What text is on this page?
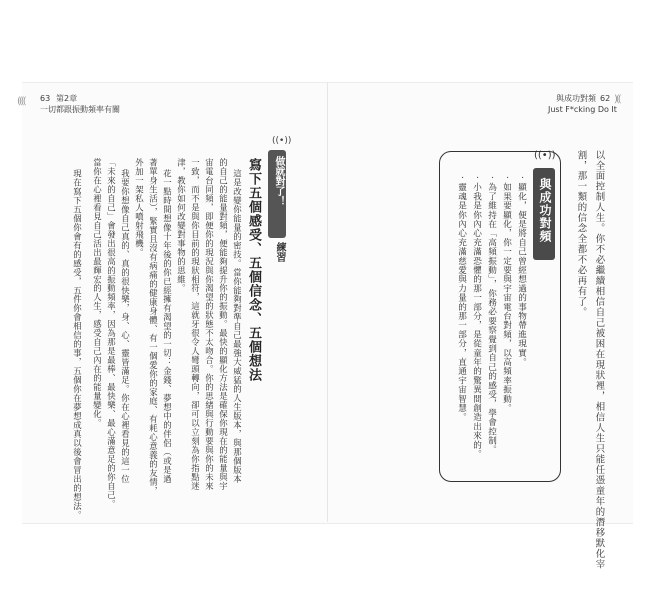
(((( 63 第2章
一切都跟振動頻率有關
這是改變你能量的密技。當你能夠對準自己最強大威猛的人生版本，與那個版本
的自己的能量對頻，便能夠提升你的振動。最快的顯化方法是確保你現在的能量與宇
宙電台同頻，即便你的現況與你渴望的狀態不太吻合。你的思緒與行動要與你的未來
一致，而不是與你目前的現狀相符，這就牙很令人彎頭轉向，卻可以立刻為你指點迷
津，教你如何改變對事物的思維。
花一點時間想像十年後的你已經擁有渴望的一切：金錢、夢想中的伴侶（或是過
著單身生活），緊實且沒有病痛的健康身體、有一個愛你的家庭、有耗心意義的友情，
外加一架私人噴射飛機。
我要你想像自己真的、真的很快樂，身、心、靈皆滿足。你在心裡看見的這一位
「未來的自己」會發出很高的振動頻率，因為那是最棒、最快樂、最心滿意足的你自己。
當你在心裡看見自己活出最輝宏的人生，感受自己內在的能量變化。
現在寫下五個你會有的感受，五件你會相信的事，五個你在夢想成真以後會冒出的想法。	寫下五個感受、五個信念、五個想法 做就對了！
((•))
練習
與成功對頻 62
Just F*cking Do It
)((
以全面控制人生。你不必繼續相信自己被困在現狀裡，相信人生只能任憑童年的潛移默化宰
割，那一類的信念全都不必再有了。
與成功對頻
((•))
‧ 顯化，便是將自己曾經想過的事物帶進現實。
‧ 如果要顯化，你一定要與宇宙電台對頻，以高頻率振動。
‧ 為了維持在「高頻振動」，你務必要察覺到自己的感受，學會控制。
‧ 小我是你內心充滿恐懼的那一部分，是從童年的驚異間創造出來的。
‧ 靈魂是你內心充滿慈愛與力量的那一部分，直通宇宙智慧。
